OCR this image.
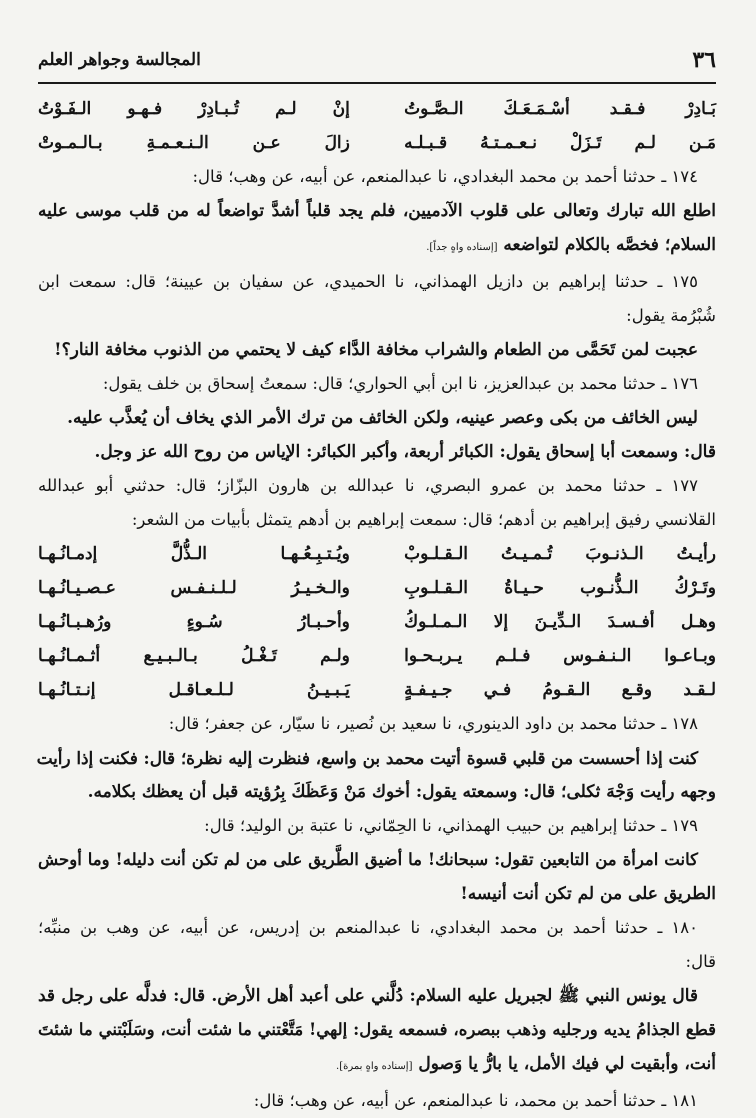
٣٦
المجالسة وجواهر العلم
بَـادِرْ فـقـد أسْـمَـعَـكَ الـصَّـوتُ
إنْ لـم تُـبـادِرْ فـهـو الـفَـوْتُ
مَـن لـم تَـزَلْ نـعـمـتـهُ قـبـلـه
زالَ عـن الـنـعـمـةِ بـالـمـوتْ
١٧٤ ـ حدثنا أحمد بن محمد البغدادي، نا عبدالمنعم، عن أبيه، عن وهب؛ قال:
اطلع الله تبارك وتعالى على قلوب الآدميين، فلم يجد قلباً أشدَّ تواضعاً له من قلب موسى عليه
السلام؛ فخصَّه بالكلام لتواضعه [إسناده واهٍ جداً].
١٧٥ ـ حدثنا إبراهيم بن دازيل الهمذاني، نا الحميدي، عن سفيان بن عيينة؛ قال: سمعت ابن
شُبْرُمة يقول:
عجبت لمن تَحَمَّى من الطعام والشراب مخافة الدَّاء كيف لا يحتمي من الذنوب مخافة النار؟!
١٧٦ ـ حدثنا محمد بن عبدالعزيز، نا ابن أبي الحواري؛ قال: سمعتُ إسحاق بن خلف يقول:
ليس الخائف من بكى وعصر عينيه، ولكن الخائف من ترك الأمر الذي يخاف أن يُعذَّب عليه.
قال: وسمعت أبا إسحاق يقول: الكبائر أربعة، وأكبر الكبائر: الإياس من روح الله عز وجل.
١٧٧ ـ حدثنا محمد بن عمرو البصري، نا عبدالله بن هارون البزّاز؛ قال: حدثني أبو عبدالله
القلانسي رفيق إبراهيم بن أدهم؛ قال: سمعت إبراهيم بن أدهم يتمثل بأبيات من الشعر:
رأيـتُ الـذنـوبَ تُـمـيـتُ الـقـلـوبْ
ويُـتـبِـعُـهـا الـذُّلَّ إدمـانُـهـا
وتَـرْكُ الـذُّنـوب حـيـاةُ الـقـلـوبِ
والـخـيـرُ لـلـنـفـس عـصـيـانُـهـا
وهـل أفـسـدَ الـدِّيـنَ إلا الـمـلـوكُ
وأحـبـارُ سُـوءٍ ورُهـبـانُـهـا
وبـاعـوا الـنـفـوس فـلـم يـربـحـوا
ولـم تَـغْـلُ بـالـبـيـع أثـمـانُـهـا
لـقـد وقـع الـقـومُ فـي جـيـفـةٍ
يَـبـيـنُ لـلـعـاقـل إنـتـانُـهـا
١٧٨ ـ حدثنا محمد بن داود الدينوري، نا سعيد بن نُصير، نا سيّار، عن جعفر؛ قال:
كنت إذا أحسست من قلبي قسوة أتيت محمد بن واسع، فنظرت إليه نظرة؛ قال: فكنت إذا رأيت
وجهه رأيت وَجْهَ ثكلى؛ قال: وسمعته يقول: أخوك مَنْ وَعَظَكَ بِرُؤيته قبل أن يعظك بكلامه.
١٧٩ ـ حدثنا إبراهيم بن حبيب الهمذاني، نا الحِمّاني، نا عتبة بن الوليد؛ قال:
كانت امرأة من التابعين تقول: سبحانك! ما أضيق الطَّريق على من لم تكن أنت دليله! وما أوحش
الطريق على من لم تكن أنت أنيسه!
١٨٠ ـ حدثنا أحمد بن محمد البغدادي، نا عبدالمنعم بن إدريس، عن أبيه، عن وهب بن منبِّه؛
قال:
قال يونس النبي ﷺ لجبريل عليه السلام: دُلَّني على أعبد أهل الأرض. قال: فدلَّه على رجل قد
قطع الجذامُ يديه ورجليه وذهب ببصره، فسمعه يقول: إلهي! مَتَّعْتني ما شئت أنت، وسَلَبْتني ما شئتَ
أنت، وأبقيت لي فيك الأمل، يا بارُّ يا وَصول [إسناده واهٍ بمرة].
١٨١ ـ حدثنا أحمد بن محمد، نا عبدالمنعم، عن أبيه، عن وهب؛ قال:
